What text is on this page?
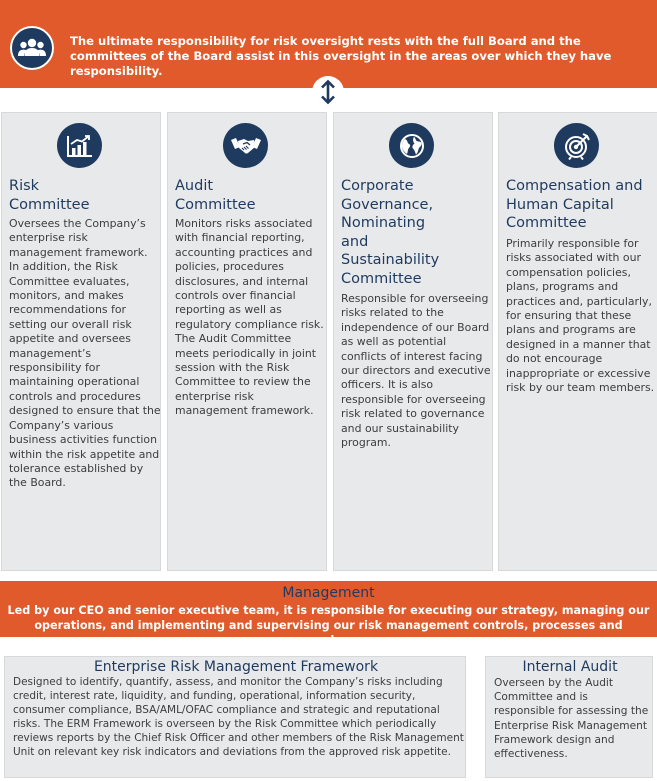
The ultimate responsibility for risk oversight rests with the full Board and the committees of the Board assist in this oversight in the areas over which they have responsibility.
Risk Committee
Oversees the Company’s enterprise risk management framework. In addition, the Risk Committee evaluates, monitors, and makes recommendations for setting our overall risk appetite and oversees management’s responsibility for maintaining operational controls and procedures designed to ensure that the Company’s various business activities function within the risk appetite and tolerance established by the Board.
Audit Committee
Monitors risks associated with financial reporting, accounting practices and policies, procedures disclosures, and internal controls over financial reporting as well as regulatory compliance risk. The Audit Committee meets periodically in joint session with the Risk Committee to review the enterprise risk management framework.
Corporate Governance, Nominating and Sustainability Committee
Responsible for overseeing risks related to the independence of our Board as well as potential conflicts of interest facing our directors and executive officers. It is also responsible for overseeing risk related to governance and our sustainability program.
Compensation and Human Capital Committee
Primarily responsible for risks associated with our compensation policies, plans, programs and practices and, particularly, for ensuring that these plans and programs are designed in a manner that do not encourage inappropriate or excessive risk by our team members.
Management
Led by our CEO and senior executive team, it is responsible for executing our strategy, managing our operations, and implementing and supervising our risk management controls, processes and procedures.
Enterprise Risk Management Framework
Designed to identify, quantify, assess, and monitor the Company’s risks including credit, interest rate, liquidity, and funding, operational, information security, consumer compliance, BSA/AML/OFAC compliance and strategic and reputational risks. The ERM Framework is overseen by the Risk Committee which periodically reviews reports by the Chief Risk Officer and other members of the Risk Management Unit on relevant key risk indicators and deviations from the approved risk appetite.
Internal Audit
Overseen by the Audit Committee and is responsible for assessing the Enterprise Risk Management Framework design and effectiveness.
